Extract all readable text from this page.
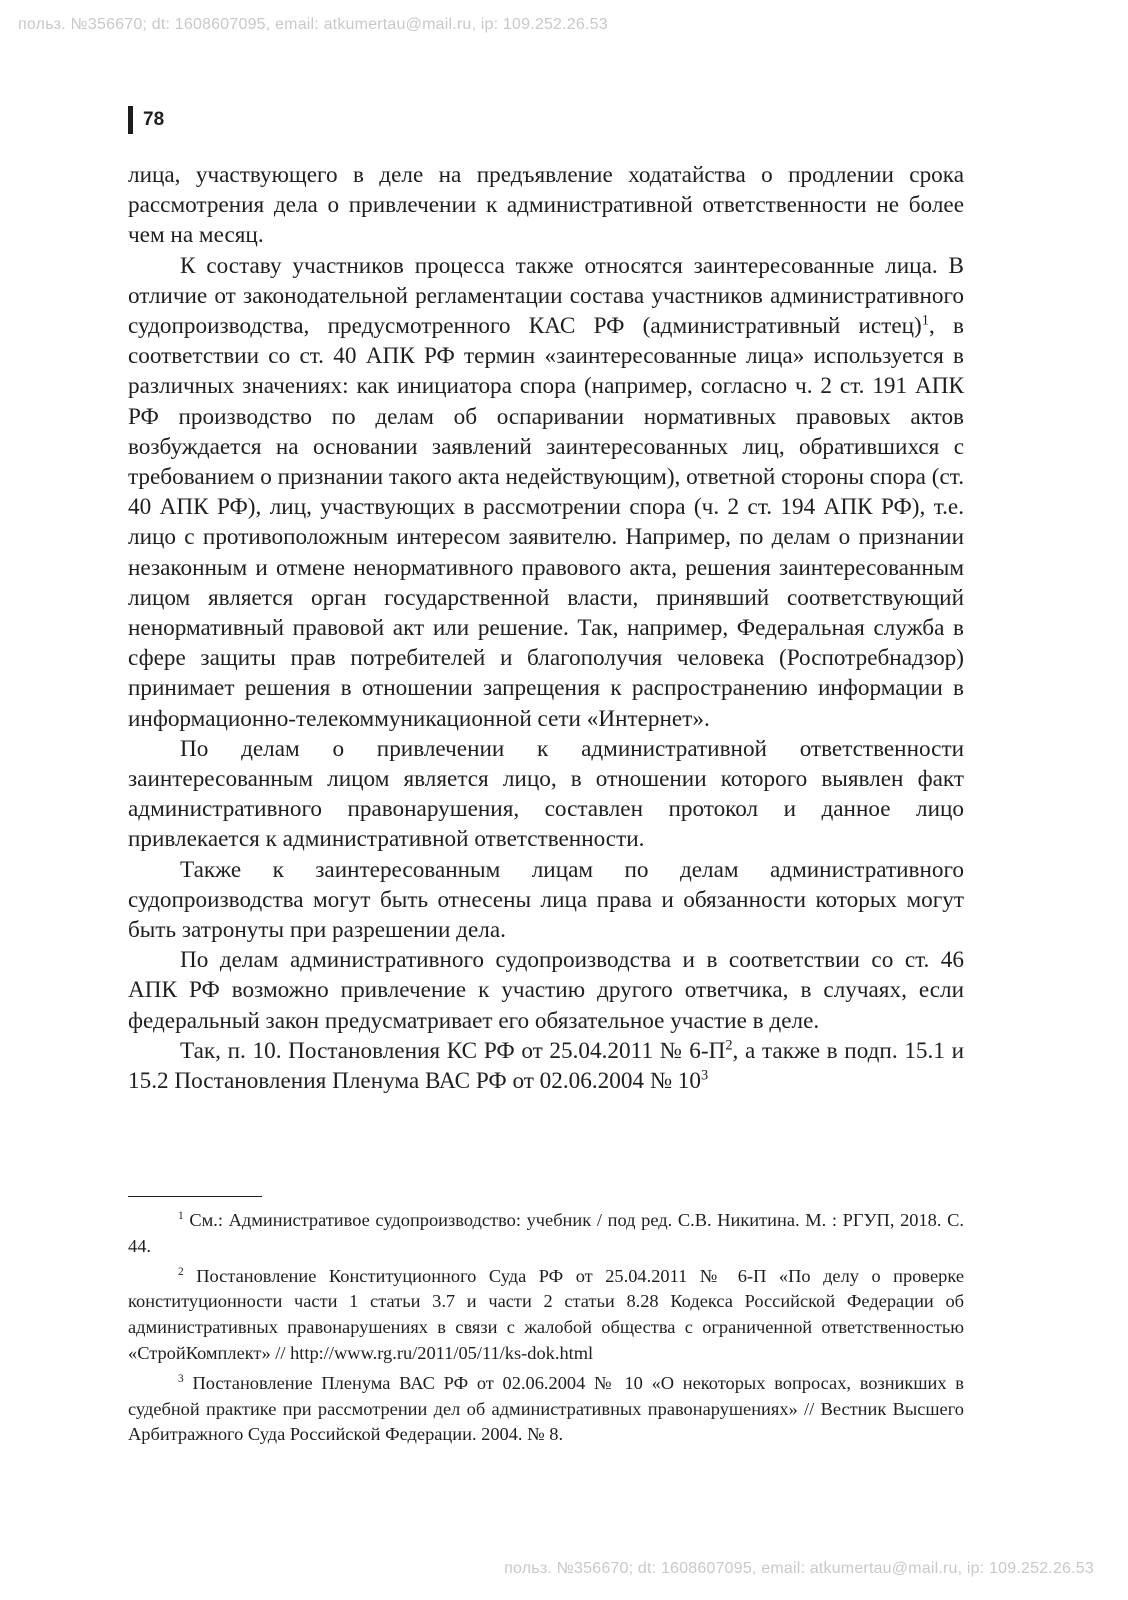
польз. №356670; dt: 1608607095, email: atkumertau@mail.ru, ip: 109.252.26.53
78

лица, участвующего в деле на предъявление ходатайства о продлении срока рассмотрения дела о привлечении к административной ответственности не более чем на месяц.

К составу участников процесса также относятся заинтересованные лица. В отличие от законодательной регламентации состава участников административного судопроизводства, предусмотренного КАС РФ (административный истец)$^1$, в соответствии со ст. 40 АПК РФ термин «заинтересованные лица» используется в различных значениях: как инициатора спора (например, согласно ч. 2 ст. 191 АПК РФ производство по делам об оспаривании нормативных правовых актов возбуждается на основании заявлений заинтересованных лиц, обратившихся с требованием о признании такого акта недействующим), ответной стороны спора (ст. 40 АПК РФ), лиц, участвующих в рассмотрении спора (ч. 2 ст. 194 АПК РФ), т.е. лицо с противоположным интересом заявителю. Например, по делам о признании незаконным и отмене ненормативного правового акта, решения заинтересованным лицом является орган государственной власти, принявший соответствующий ненормативный правовой акт или решение. Так, например, Федеральная служба в сфере защиты прав потребителей и благополучия человека (Роспотребнадзор) принимает решения в отношении запрещения к распространению информации в информационно-телекоммуникационной сети «Интернет».

По делам о привлечении к административной ответственности заинтересованным лицом является лицо, в отношении которого выявлен факт административного правонарушения, составлен протокол и данное лицо привлекается к административной ответственности.

Также к заинтересованным лицам по делам административного судопроизводства могут быть отнесены лица права и обязанности которых могут быть затронуты при разрешении дела.

По делам административного судопроизводства и в соответствии со ст. 46 АПК РФ возможно привлечение к участию другого ответчика, в случаях, если федеральный закон предусматривает его обязательное участие в деле.

Так, п. 10. Постановления КС РФ от 25.04.2011 № $6-П^2$, а также в подп. 15.1 и 15.2 Постановления Пленума ВАС РФ от 02.06.2004 № $10^3$

$^1$ См.: Административое судопроизводство: учебник / под ред. С.В. Никитина. М. : РГУП, 2018. С. 44.

$^2$ Постановление Конституционного Суда РФ от 25.04.2011 № 6-П «По делу о проверке конституционности части 1 статьи 3.7 и части 2 статьи 8.28 Кодекса Российской Федерации об административных правонарушениях в связи с жалобой общества с ограниченной ответственностью «СтройКомплект» // http://www.rg.ru/2011/05/11/ks-dok.html

$^3$ Постановление Пленума ВАС РФ от 02.06.2004 № 10 «О некоторых вопросах, возникших в судебной практике при рассмотрении дел об административных правонарушениях» // Вестник Высшего Арбитражного Суда Российской Федерации. 2004. № 8.

польз. №356670; dt: 1608607095, email: atkumertau@mail.ru, ip: 109.252.26.53
